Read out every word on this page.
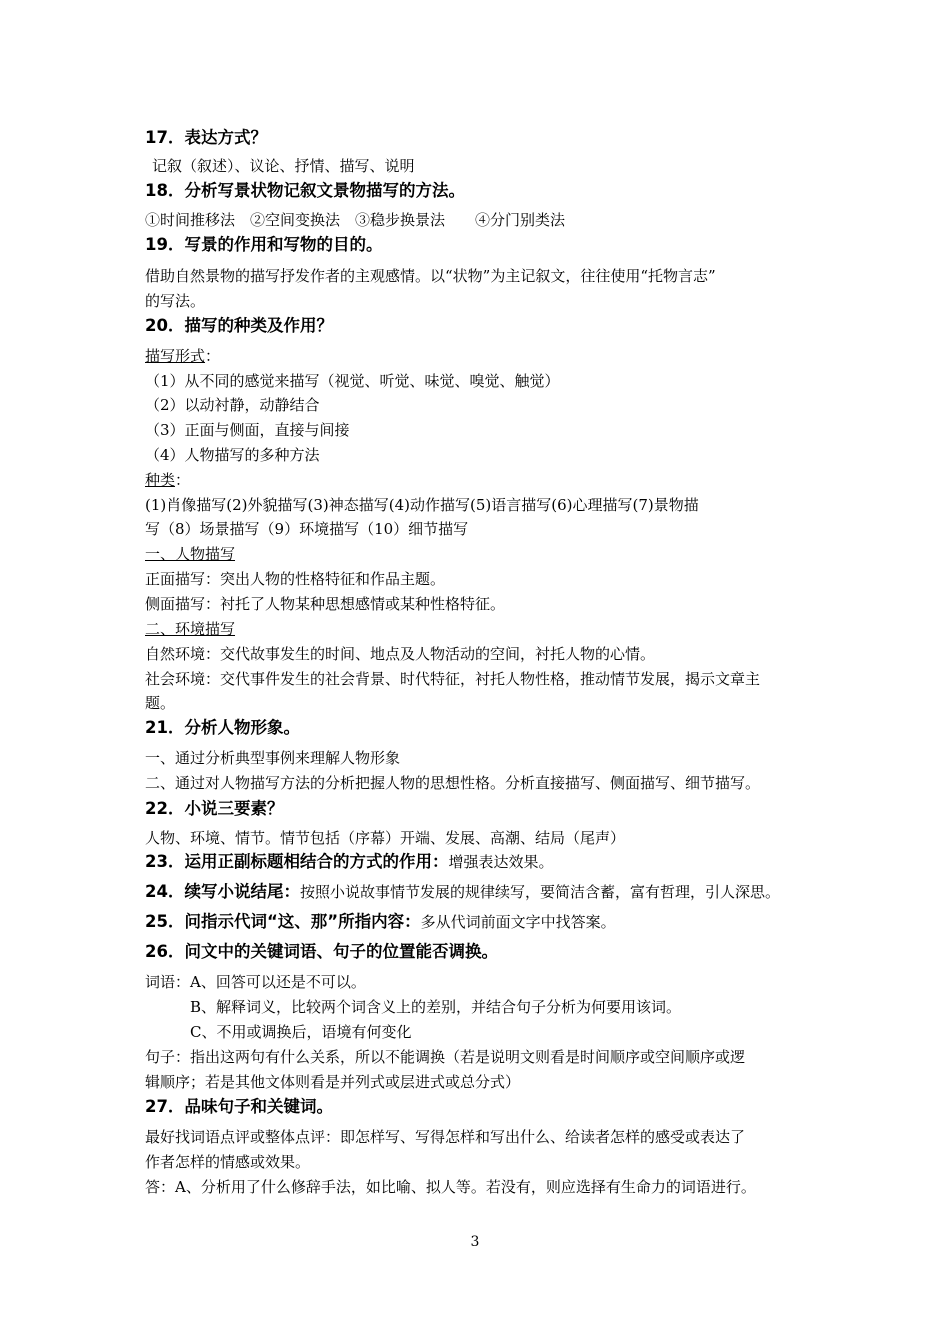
17．表达方式？
记叙（叙述）、议论、抒情、描写、说明
18．分析写景状物记叙文景物描写的方法。
①时间推移法　②空间变换法　③稳步换景法　　④分门别类法
19．写景的作用和写物的目的。
借助自然景物的描写抒发作者的主观感情。以“状物”为主记叙文，往往使用“托物言志”
的写法。
20．描写的种类及作用？
描写形式：
（1）从不同的感觉来描写（视觉、听觉、味觉、嗅觉、触觉）
（2）以动衬静，动静结合
（3）正面与侧面，直接与间接
（4）人物描写的多种方法
种类：
(1)肖像描写(2)外貌描写(3)神态描写(4)动作描写(5)语言描写(6)心理描写(7)景物描
写（8）场景描写（9）环境描写（10）细节描写
一、人物描写
正面描写：突出人物的性格特征和作品主题。
侧面描写：衬托了人物某种思想感情或某种性格特征。
二、环境描写
自然环境：交代故事发生的时间、地点及人物活动的空间，衬托人物的心情。
社会环境：交代事件发生的社会背景、时代特征，衬托人物性格，推动情节发展，揭示文章主
题。
21．分析人物形象。
一、通过分析典型事例来理解人物形象
二、通过对人物描写方法的分析把握人物的思想性格。分析直接描写、侧面描写、细节描写。
22．小说三要素？
人物、环境、情节。情节包括（序幕）开端、发展、高潮、结局（尾声）
23．运用正副标题相结合的方式的作用：增强表达效果。
24．续写小说结尾：按照小说故事情节发展的规律续写，要简洁含蓄，富有哲理，引人深思。
25．问指示代词“这、那”所指内容：多从代词前面文字中找答案。
26．问文中的关键词语、句子的位置能否调换。
词语：A、回答可以还是不可以。
B、解释词义，比较两个词含义上的差别，并结合句子分析为何要用该词。
C、不用或调换后，语境有何变化
句子：指出这两句有什么关系，所以不能调换（若是说明文则看是时间顺序或空间顺序或逻
辑顺序；若是其他文体则看是并列式或层进式或总分式）
27．品味句子和关键词。
最好找词语点评或整体点评：即怎样写、写得怎样和写出什么、给读者怎样的感受或表达了
作者怎样的情感或效果。
答：A、分析用了什么修辞手法，如比喻、拟人等。若没有，则应选择有生命力的词语进行。
3
